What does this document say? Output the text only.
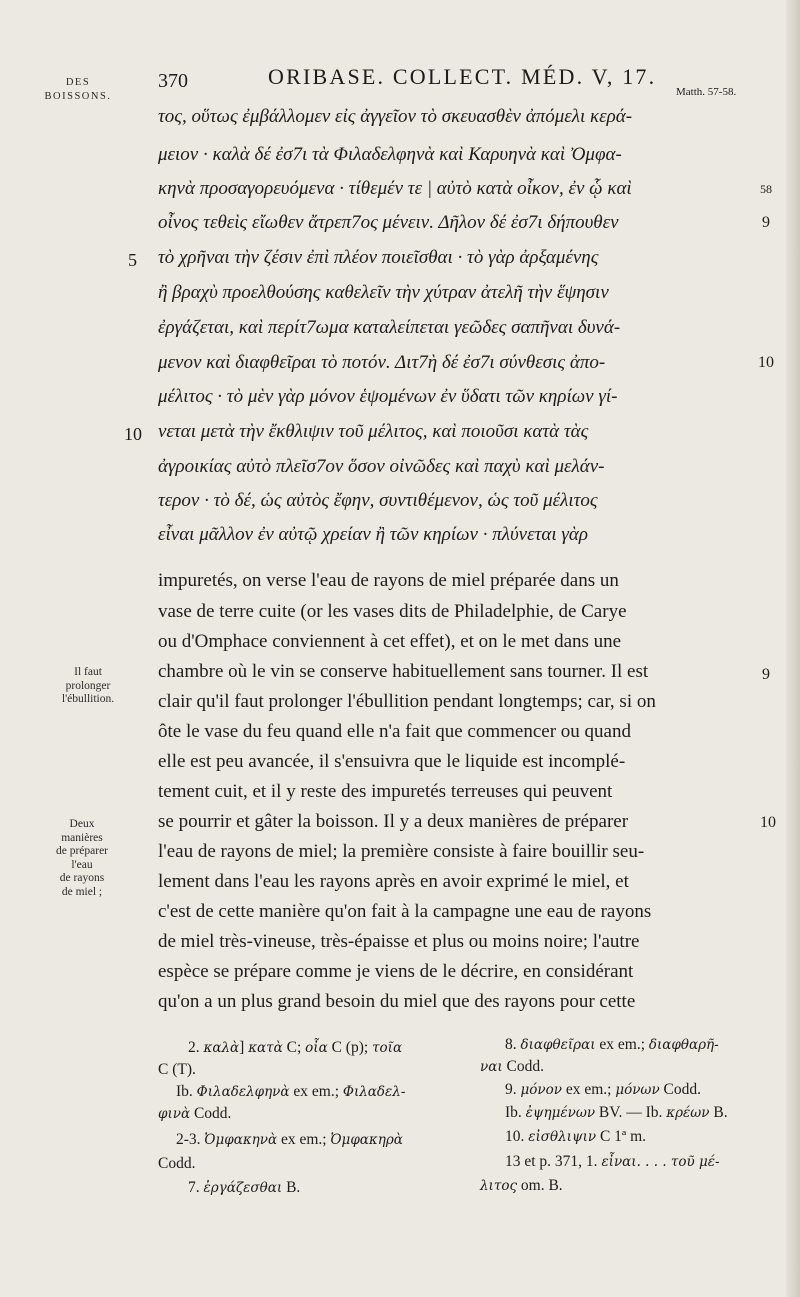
DES
BOISSONS.
370	ORIBASE. COLLECT. MÉD. V, 17.
Matth. 57-58.
τος, οὕτως ἐμβάλλομεν εἰς ἀγγεῖον τὸ σκευασθὲν ἀπόμελι κερά-
μειον · καλὰ δέ ἐσ7ι τὰ Φιλαδελφηνὰ καὶ Καρυηνὰ καὶ Ὀμφα-
κηνὰ προσαγορευόμενα · τίθεμέν τε | αὐτὸ κατὰ οἶκον, ἐν ᾧ καὶ
οἶνος τεθεὶς εἴωθεν ἄτρεπ7ος μένειν. Δῆλον δέ ἐσ7ι δήπουθεν
τὸ χρῆναι τὴν ζέσιν ἐπὶ πλέον ποιεῖσθαι · τὸ γὰρ ἀρξαμένης
ἢ βραχὺ προελθούσης καθελεῖν τὴν χύτραν ἀτελῆ τὴν ἕψησιν
ἐργάζεται, καὶ περίτ7ωμα καταλείπεται γεῶδες σαπῆναι δυνά-
μενον καὶ διαφθεῖραι τὸ ποτόν. Διτ7ὴ δέ ἐσ7ι σύνθεσις ἀπο-
μέλιτος · τὸ μὲν γὰρ μόνον ἑψομένων ἐν ὕδατι τῶν κηρίων γί-
νεται μετὰ τὴν ἔκθλιψιν τοῦ μέλιτος, καὶ ποιοῦσι κατὰ τὰς
ἀγροικίας αὐτὸ πλεῖσ7ον ὅσον οἰνῶδες καὶ παχὺ καὶ μελάν-
τερον · τὸ δέ, ὡς αὐτὸς ἔφην, συντιθέμενον, ὡς τοῦ μέλιτος
εἶναι μᾶλλον ἐν αὐτῷ χρείαν ἢ τῶν κηρίων · πλύνεται γὰρ
5
10
58
9
10
impuretés, on verse l'eau de rayons de miel préparée dans un
vase de terre cuite (or les vases dits de Philadelphie, de Carye
ou d'Omphace conviennent à cet effet), et on le met dans une
chambre où le vin se conserve habituellement sans tourner. Il est
clair qu'il faut prolonger l'ébullition pendant longtemps; car, si on
ôte le vase du feu quand elle n'a fait que commencer ou quand
elle est peu avancée, il s'ensuivra que le liquide est incomplé-
tement cuit, et il y reste des impuretés terreuses qui peuvent
se pourrir et gâter la boisson. Il y a deux manières de préparer
l'eau de rayons de miel; la première consiste à faire bouillir seu-
lement dans l'eau les rayons après en avoir exprimé le miel, et
c'est de cette manière qu'on fait à la campagne une eau de rayons
de miel très-vineuse, très-épaisse et plus ou moins noire; l'autre
espèce se prépare comme je viens de le décrire, en considérant
qu'on a un plus grand besoin du miel que des rayons pour cette
9
10
Il faut
prolonger
l'ébullition.
Deux
manières
de préparer
l'eau
de rayons
de miel ;
2. καλὰ] κατὰ C; οἶα C (p); τοῖα
C (T).
Ib. Φιλαδελφηνὰ ex em.; Φιλαδελ-
φινὰ Codd.
2-3. Ὀμφακηνὰ ex em.; Ὀμφακηρὰ
Codd.
7. ἐργάζεσθαι B.
8. διαφθεῖραι ex em.; διαφθαρῆ-
ναι Codd.
9. μόνον ex em.; μόνων Codd.
Ib. ἐψημένων BV. — Ib. κρέων B.
10. εἰσθλιψιν C 1ª m.
13 et p. 371, 1. εἶναι. . . . τοῦ μέ-
λιτος om. B.
